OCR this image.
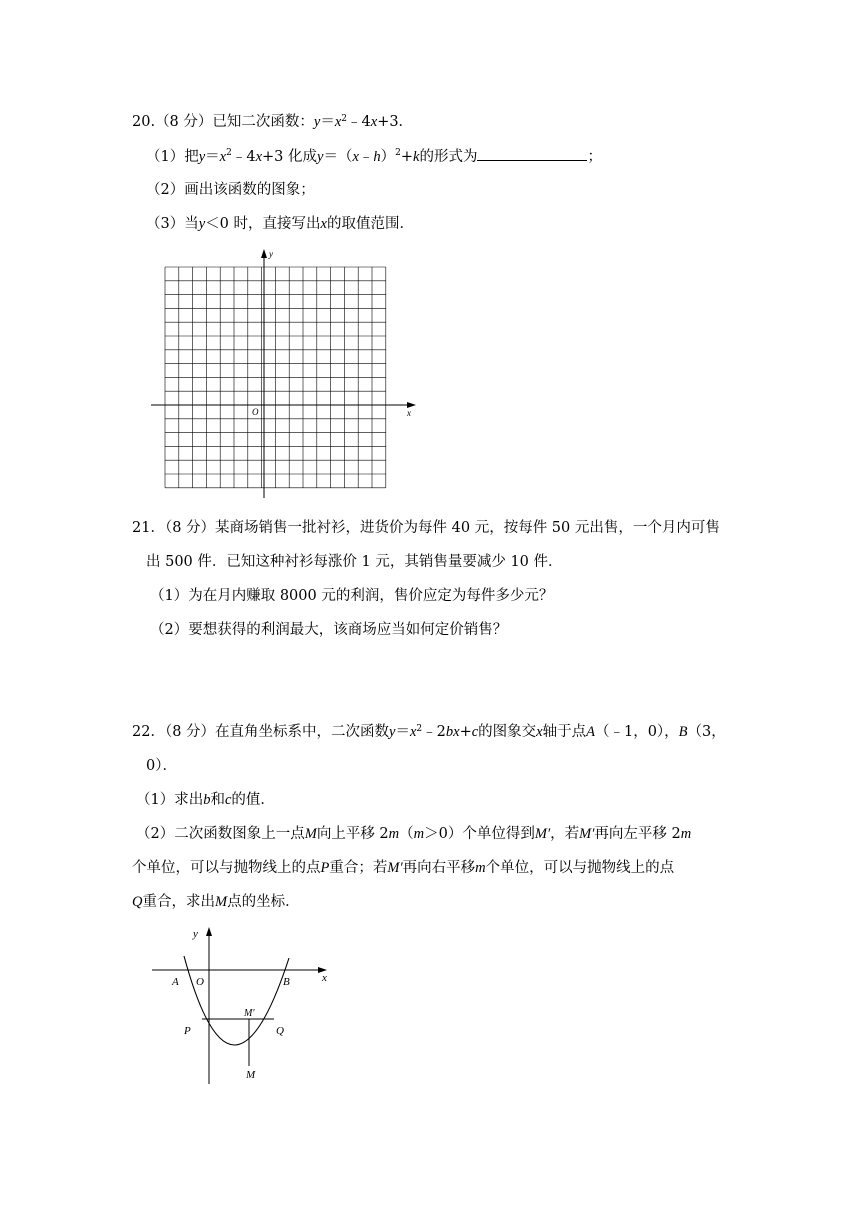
20.（8 分）已知二次函数：$y=x^2﹣4x+3$．
（1）把$y=x^2﹣4x+3$ 化成y＝（x﹣h）$^2$+k的形式为	；
（2）画出该函数的图象；
（3）当y＜0 时，直接写出x的取值范围．
x
y
O
21．（8 分）某商场销售一批衬衫，进货价为每件 40 元，按每件 50 元出售，一个月内可售
出 500 件．已知这种衬衫每涨价 1 元，其销售量要减少 10 件．
（1）为在月内赚取 8000 元的利润，售价应定为每件多少元？
（2）要想获得的利润最大，该商场应当如何定价销售？
22．（8 分）在直角坐标系中，二次函数$y=x^2﹣2bx+c$的图象交x轴于点A（﹣1，0），B（3，
0）．
（1）求出b和c的值．
（2）二次函数图象上一点M向上平移 2m（m＞0）个单位得到M′，若M′再向左平移 2m
个单位，可以与抛物线上的点P重合；若M′再向右平移m个单位，可以与抛物线上的点
Q重合，求出M点的坐标．
y
x
A O	B
P	Q
M′
M
